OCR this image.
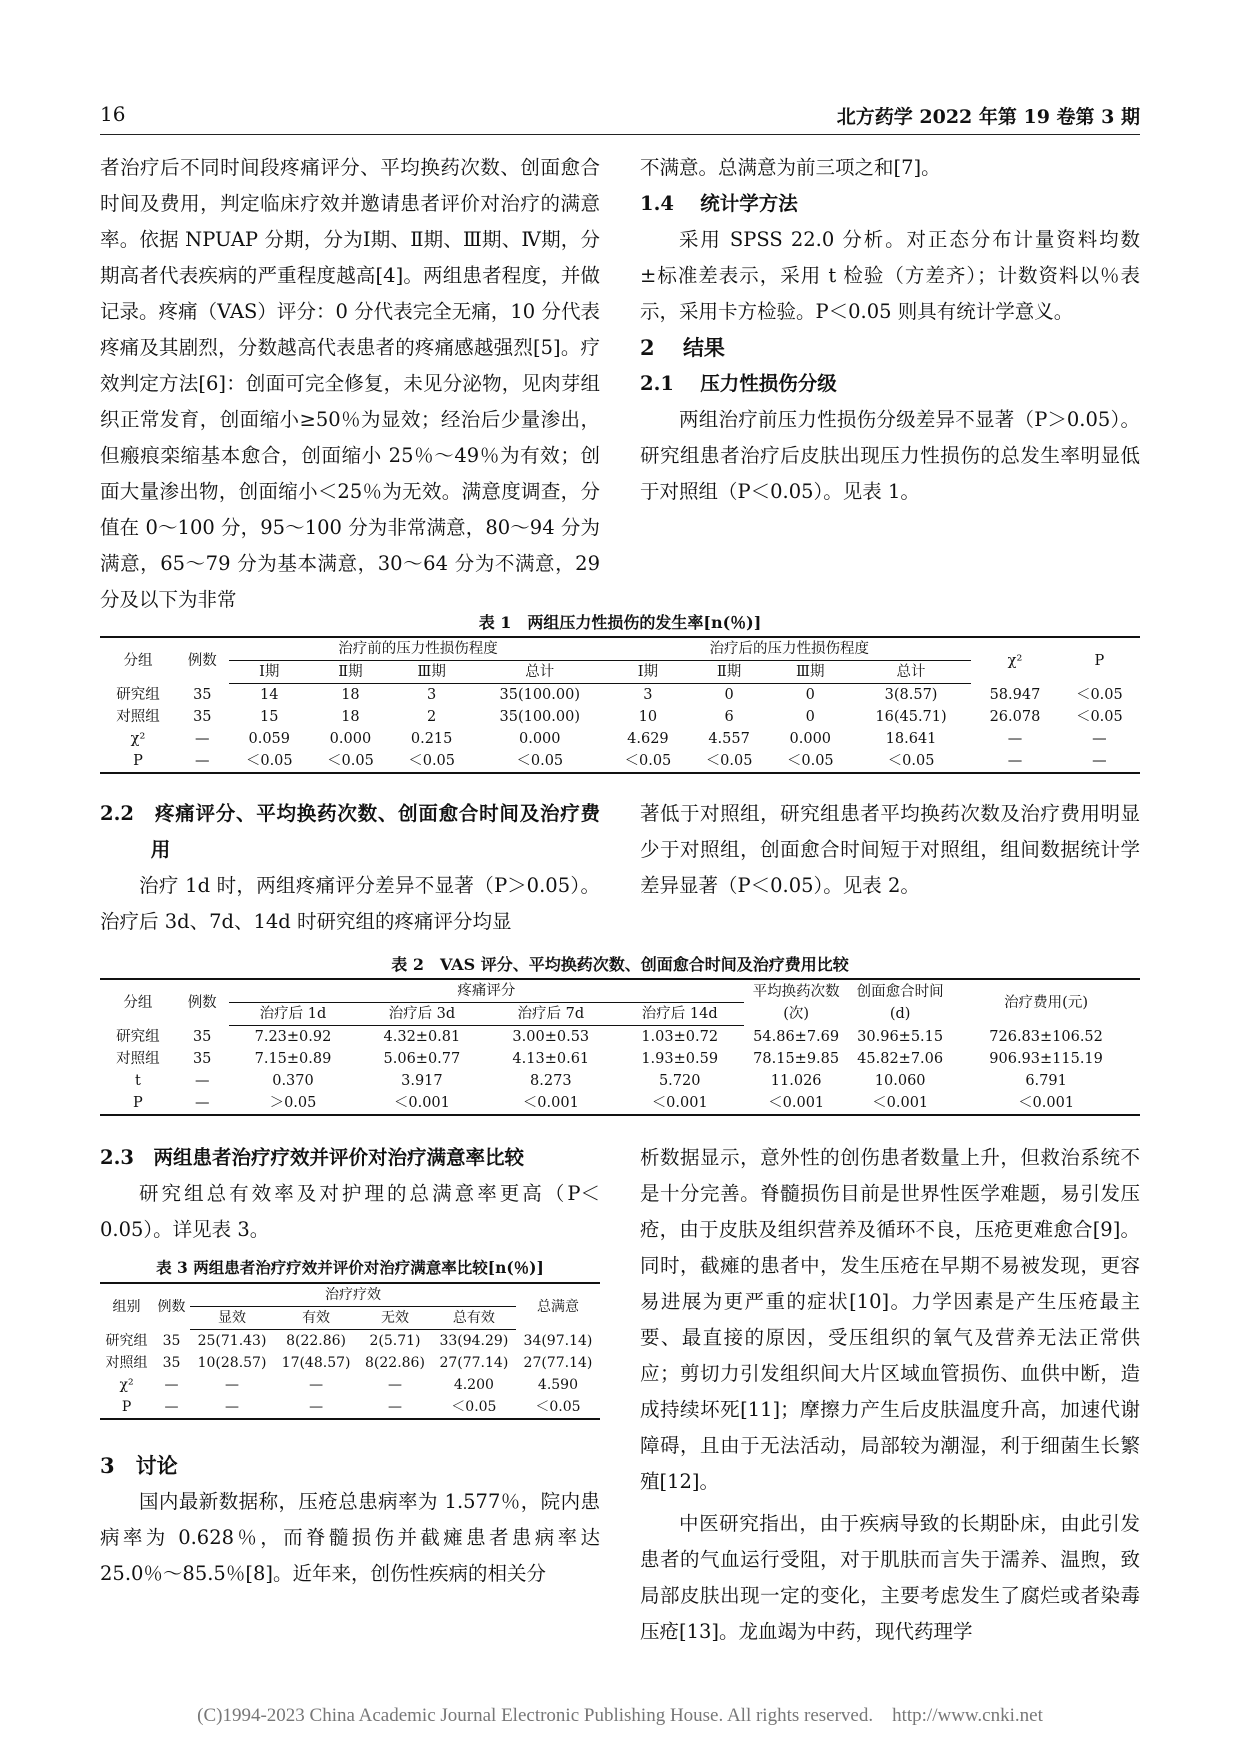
16	北方药学 2022 年第 19 卷第 3 期

者治疗后不同时间段疼痛评分、平均换药次数、创面愈合时间及费用，判定临床疗效并邀请患者评价对治疗的满意率。依据 NPUAP 分期，分为Ⅰ期、Ⅱ期、Ⅲ期、Ⅳ期，分期高者代表疾病的严重程度越高[4]。两组患者程度，并做记录。疼痛（VAS）评分：0 分代表完全无痛，10 分代表疼痛及其剧烈，分数越高代表患者的疼痛感越强烈[5]。疗效判定方法[6]：创面可完全修复，未见分泌物，见肉芽组织正常发育，创面缩小≥50％为显效；经治后少量渗出，但瘢痕栾缩基本愈合，创面缩小 25％～49％为有效；创面大量渗出物，创面缩小＜25％为无效。满意度调查，分值在 0～100 分，95～100 分为非常满意，80～94 分为满意，65～79 分为基本满意，30～64 分为不满意，29 分及以下为非常

不满意。总满意为前三项之和[7]。

1.4　 统计学方法

采用 SPSS 22.0 分析。对正态分布计量资料均数±标准差表示，采用 t 检验（方差齐）；计数资料以％表示，采用卡方检验。P＜0.05 则具有统计学意义。

2　 结果

2.1　 压力性损伤分级

两组治疗前压力性损伤分级差异不显著（P＞0.05）。研究组患者治疗后皮肤出现压力性损伤的总发生率明显低于对照组（P＜0.05）。见表 1。

表 1　两组压力性损伤的发生率[n(％)]
分组	例数	治疗前的压力性损伤程度				治疗后的压力性损伤程度				χ²	P
		Ⅰ期	Ⅱ期	Ⅲ期	总计	Ⅰ期	Ⅱ期	Ⅲ期	总计		
研究组	35	14	18	3	35(100.00)	3	0	0	3(8.57)	58.947	＜0.05
对照组	35	15	18	2	35(100.00)	10	6	0	16(45.71)	26.078	＜0.05
χ²	—	0.059	0.000	0.215	0.000	4.629	4.557	0.000	18.641	—	—
P	—	＜0.05	＜0.05	＜0.05	＜0.05	＜0.05	＜0.05	＜0.05	＜0.05	—	—

2.2　 疼痛评分、平均换药次数、创面愈合时间及治疗费用

治疗 1d 时，两组疼痛评分差异不显著（P＞0.05）。治疗后 3d、7d、14d 时研究组的疼痛评分均显

著低于对照组，研究组患者平均换药次数及治疗费用明显少于对照组，创面愈合时间短于对照组，组间数据统计学差异显著（P＜0.05）。见表 2。

表 2　VAS 评分、平均换药次数、创面愈合时间及治疗费用比较
分组	例数	疼痛评分				平均换药次数(次)	创面愈合时间(d)	治疗费用(元)
		治疗后 1d	治疗后 3d	治疗后 7d	治疗后 14d			
研究组	35	7.23±0.92	4.32±0.81	3.00±0.53	1.03±0.72	54.86±7.69	30.96±5.15	726.83±106.52
对照组	35	7.15±0.89	5.06±0.77	4.13±0.61	1.93±0.59	78.15±9.85	45.82±7.06	906.93±115.19
t	—	0.370	3.917	8.273	5.720	11.026	10.060	6.791
P	—	＞0.05	＜0.001	＜0.001	＜0.001	＜0.001	＜0.001	＜0.001

2.3　 两组患者治疗疗效并评价对治疗满意率比较

研究组总有效率及对护理的总满意率更高（P＜0.05）。详见表 3。

表 3 两组患者治疗疗效并评价对治疗满意率比较[n(％)]
组别	例数	治疗疗效				总满意
		显效	有效	无效	总有效	
研究组	35	25(71.43)	8(22.86)	2(5.71)	33(94.29)	34(97.14)
对照组	35	10(28.57)	17(48.57)	8(22.86)	27(77.14)	27(77.14)
χ²	—	—	—	—	4.200	4.590
P	—	—	—	—	＜0.05	＜0.05

3　 讨论

国内最新数据称，压疮总患病率为 1.577％，院内患病率为 0.628％，而脊髓损伤并截瘫患者患病率达 25.0％～85.5％[8]。近年来，创伤性疾病的相关分

析数据显示，意外性的创伤患者数量上升，但救治系统不是十分完善。脊髓损伤目前是世界性医学难题，易引发压疮，由于皮肤及组织营养及循环不良，压疮更难愈合[9]。同时，截瘫的患者中，发生压疮在早期不易被发现，更容易进展为更严重的症状[10]。力学因素是产生压疮最主要、最直接的原因，受压组织的氧气及营养无法正常供应；剪切力引发组织间大片区域血管损伤、血供中断，造成持续坏死[11]；摩擦力产生后皮肤温度升高，加速代谢障碍，且由于无法活动，局部较为潮湿，利于细菌生长繁殖[12]。

中医研究指出，由于疾病导致的长期卧床，由此引发患者的气血运行受阻，对于肌肤而言失于濡养、温煦，致局部皮肤出现一定的变化，主要考虑发生了腐烂或者染毒压疮[13]。龙血竭为中药，现代药理学

(C)1994-2023 China Academic Journal Electronic Publishing House. All rights reserved.　http://www.cnki.net
